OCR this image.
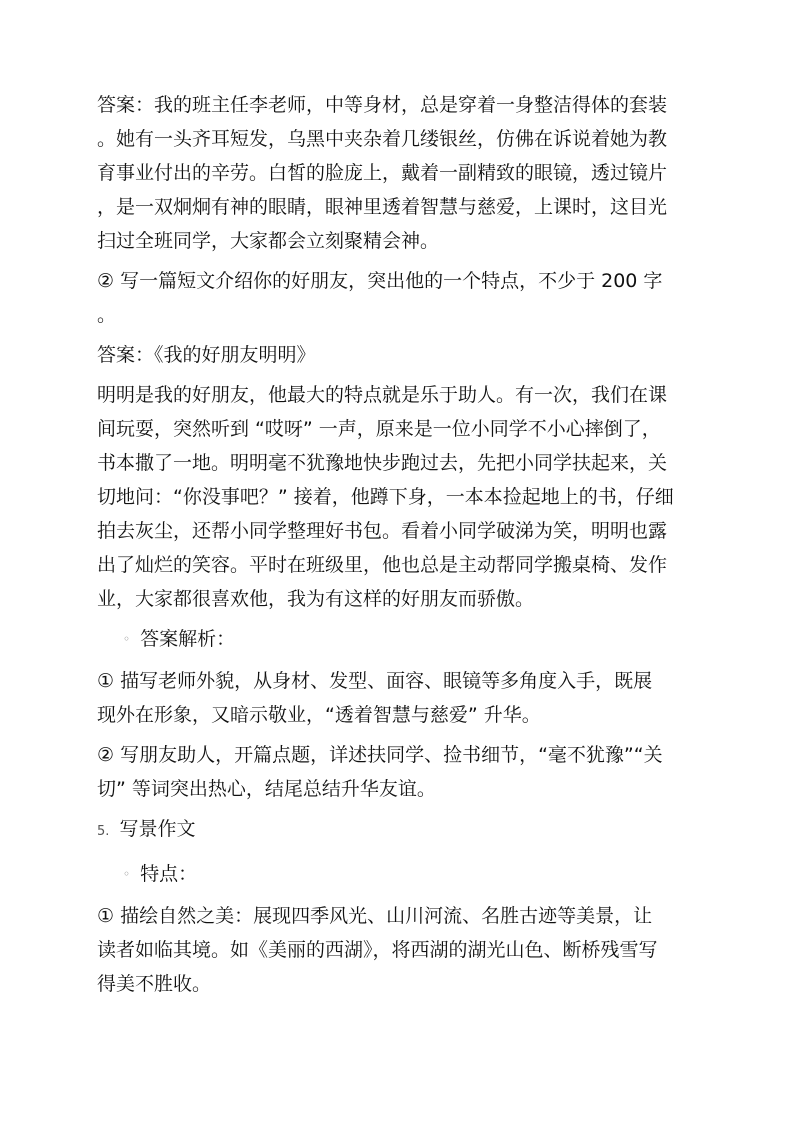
答案：我的班主任李老师，中等身材，总是穿着一身整洁得体的套装
。她有一头齐耳短发，乌黑中夹杂着几缕银丝，仿佛在诉说着她为教
育事业付出的辛劳。白皙的脸庞上，戴着一副精致的眼镜，透过镜片
，是一双炯炯有神的眼睛，眼神里透着智慧与慈爱，上课时，这目光
扫过全班同学，大家都会立刻聚精会神。

② 写一篇短文介绍你的好朋友，突出他的一个特点，不少于 200 字
。

答案：《我的好朋友明明》

明明是我的好朋友，他最大的特点就是乐于助人。有一次，我们在课
间玩耍，突然听到 “哎呀” 一声，原来是一位小同学不小心摔倒了，
书本撒了一地。明明毫不犹豫地快步跑过去，先把小同学扶起来，关
切地问：“你没事吧？” 接着，他蹲下身，一本本捡起地上的书，仔细
拍去灰尘，还帮小同学整理好书包。看着小同学破涕为笑，明明也露
出了灿烂的笑容。平时在班级里，他也总是主动帮同学搬桌椅、发作
业，大家都很喜欢他，我为有这样的好朋友而骄傲。

◦ 答案解析：

① 描写老师外貌，从身材、发型、面容、眼镜等多角度入手，既展
现外在形象，又暗示敬业，“透着智慧与慈爱” 升华。

② 写朋友助人，开篇点题，详述扶同学、捡书细节，“毫不犹豫”“关
切” 等词突出热心，结尾总结升华友谊。

5. 写景作文
◦ 特点：

① 描绘自然之美：展现四季风光、山川河流、名胜古迹等美景，让
读者如临其境。如《美丽的西湖》，将西湖的湖光山色、断桥残雪写
得美不胜收。
